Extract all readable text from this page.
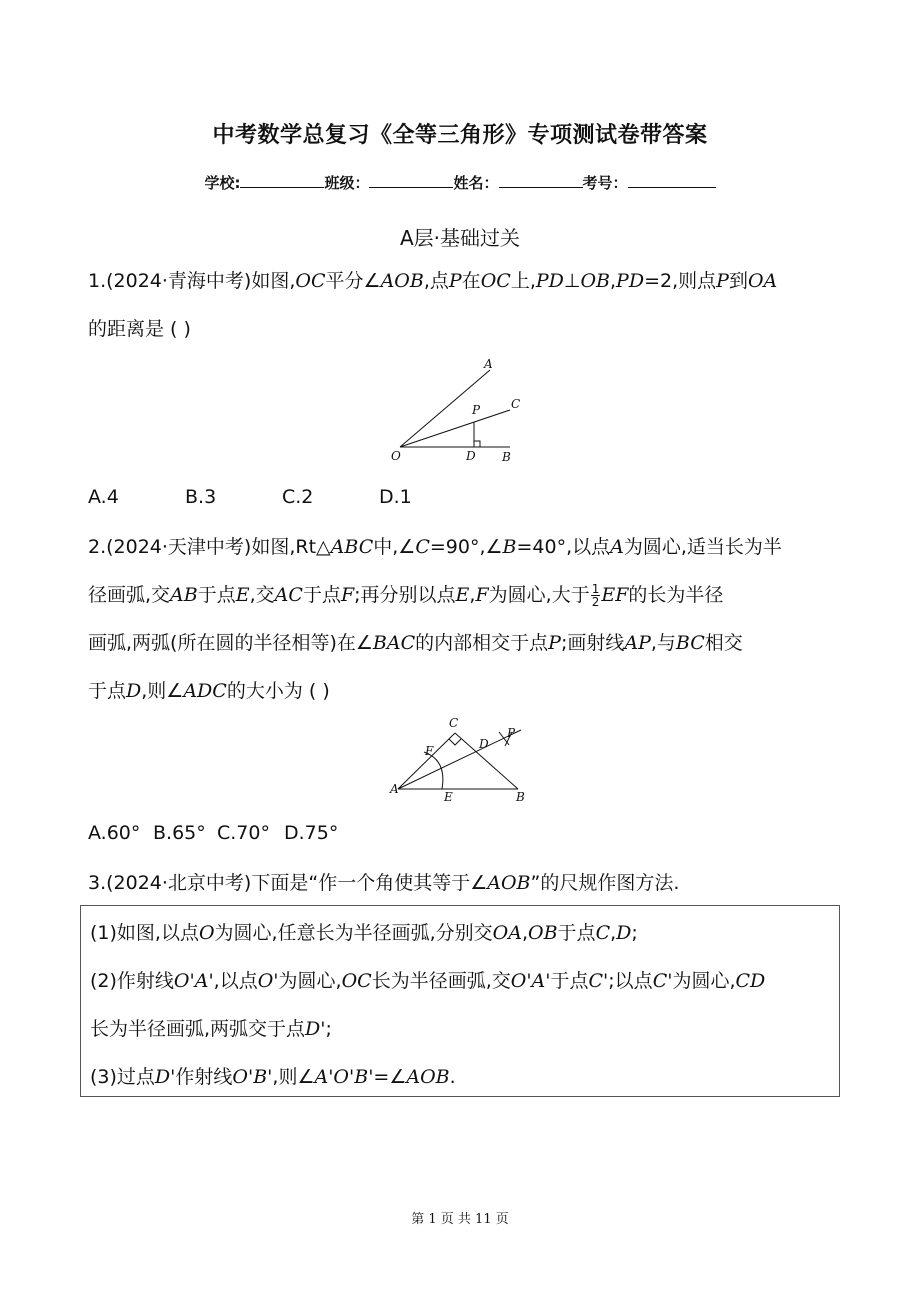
中考数学总复习《全等三角形》专项测试卷带答案
学校:	班级：	姓名：	考号：
A层·基础过关
1.(2024·青海中考)如图,OC平分∠AOB,点P在OC上,PD⊥OB,PD=2,则点P到OA
的距离是 ( )
A
P	C
O	D B
A.4	B.3	C.2	D.1
2.(2024·天津中考)如图,Rt△ABC中,∠C=90°,∠B=40°,以点A为圆心,适当长为半
径画弧,交AB于点E,交AC于点F;再分别以点E,F为圆心,大于 $\frac{1}{2}$ EF的长为半径
画弧,两弧(所在圆的半径相等)在∠BAC的内部相交于点P;画射线AP,与BC相交
于点D,则∠ADC的大小为 ( )
C
F	D
P
A
E	B
A.60° B.65° C.70° D.75°
3.(2024·北京中考)下面是“作一个角使其等于∠AOB”的尺规作图方法.
(1)如图,以点O为圆心,任意长为半径画弧,分别交OA,OB于点C,D;
(2)作射线O'A',以点O'为圆心,OC长为半径画弧,交O'A'于点C';以点C'为圆心,CD
长为半径画弧,两弧交于点D';
(3)过点D'作射线O'B',则∠A'O'B'=∠AOB.
第 1 页 共 11 页
